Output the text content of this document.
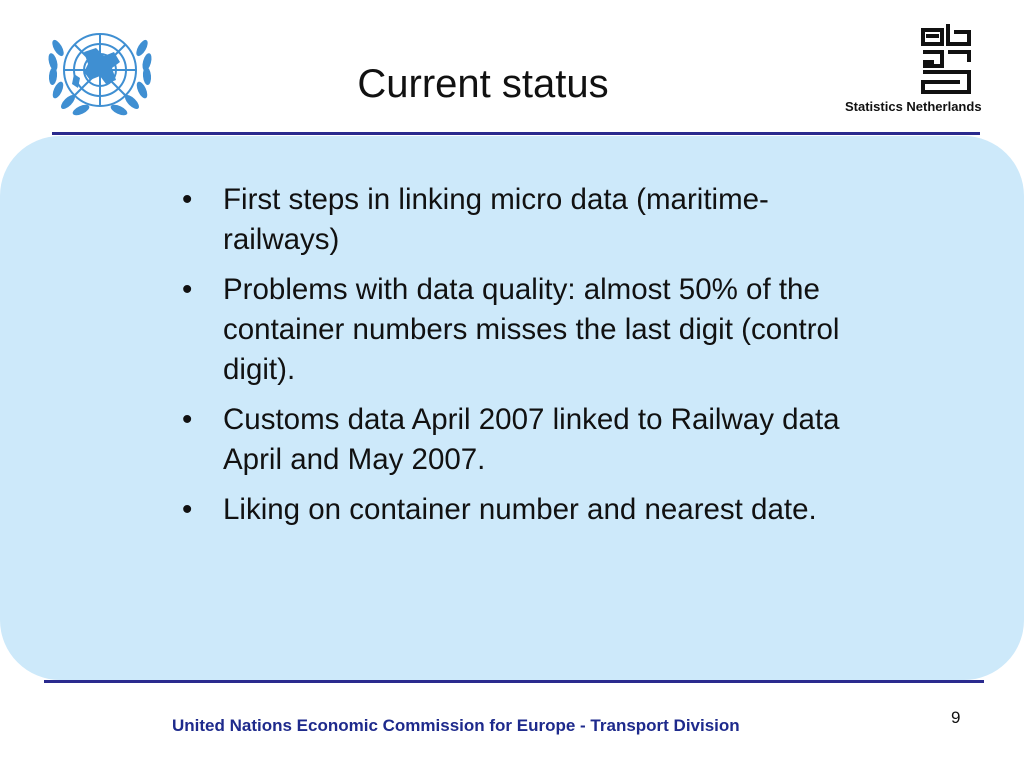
Statistics Netherlands
Current status
• First steps in linking micro data (maritime-railways)
• Problems with data quality: almost 50% of the container numbers misses the last digit (control digit).
• Customs data April 2007 linked to Railway data April and May 2007.
• Liking on container number and nearest date.
United Nations Economic Commission for Europe - Transport Division	9
